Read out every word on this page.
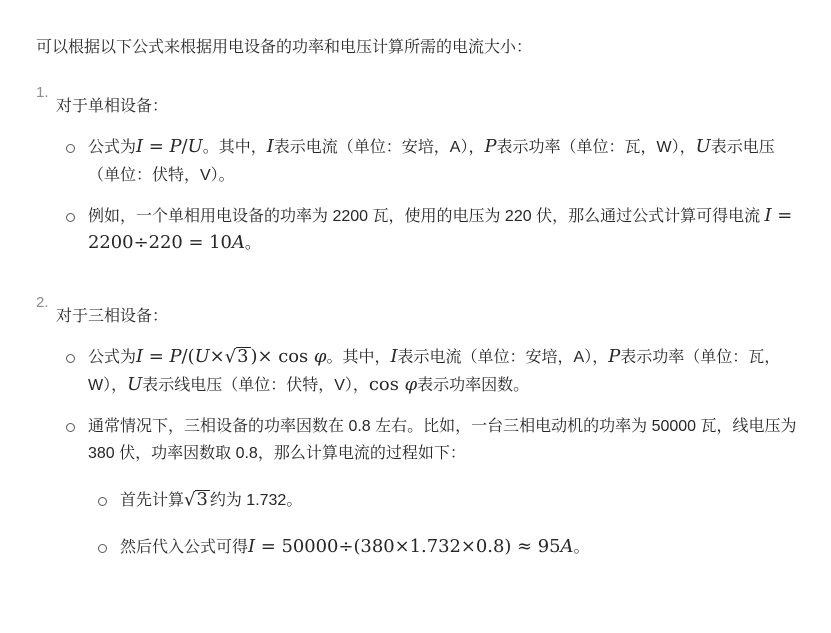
可以根据以下公式来根据用电设备的功率和电压计算所需的电流大小：

1.

对于单相设备：

公式为I = P/U。其中，I表示电流（单位：安培，A），P表示功率（单位：瓦，W），U表示电压（单位：伏特，V）。

例如，一个单相用电设备的功率为 2200 瓦，使用的电压为 220 伏，那么通过公式计算可得电流 I = 2200÷220 = 10A。

2.

对于三相设备：

公式为I = P/(U×√3 )× cos φ。其中，I表示电流（单位：安培，A），P表示功率（单位：瓦，W），U表示线电压（单位：伏特，V），cos φ表示功率因数。

通常情况下，三相设备的功率因数在 0.8 左右。比如，一台三相电动机的功率为 50000 瓦，线电压为 380 伏，功率因数取 0.8，那么计算电流的过程如下：

首先计算√3 约为 1.732。

然后代入公式可得I = 50000÷(380×1.732×0.8) ≈ 95A。
